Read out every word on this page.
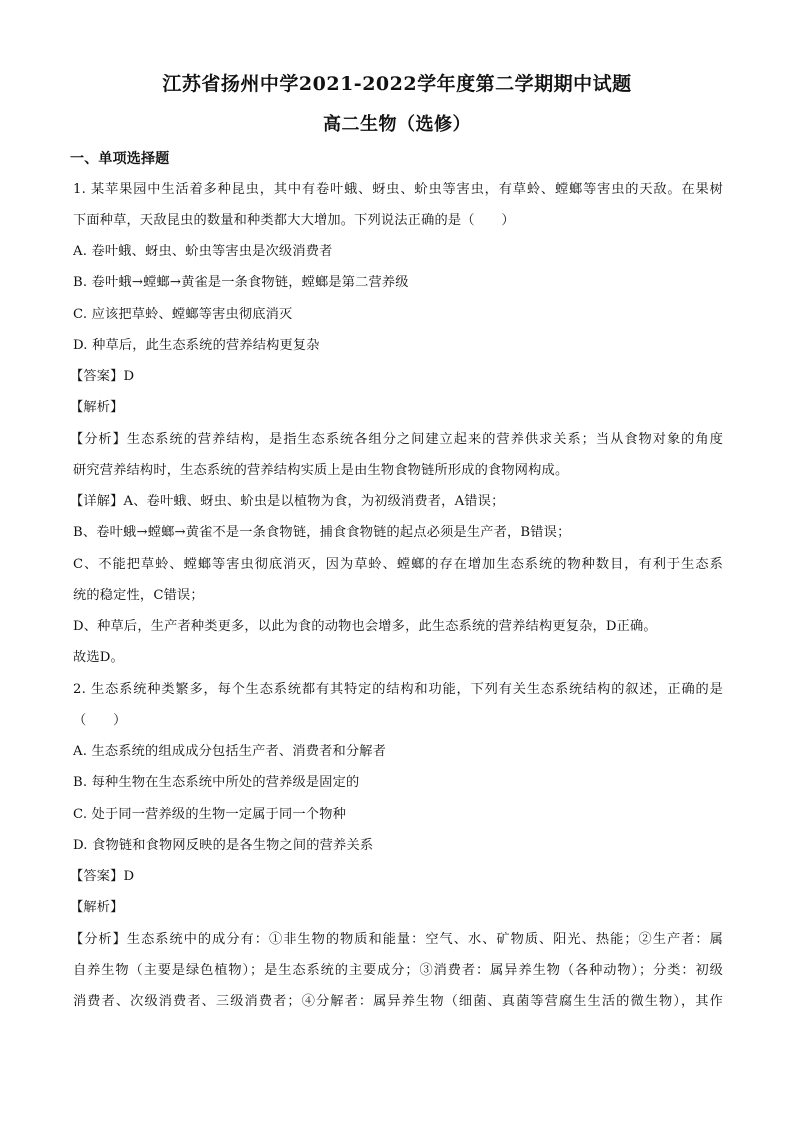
江苏省扬州中学2021-2022学年度第二学期期中试题
高二生物（选修）
一、单项选择题
1. 某苹果园中生活着多种昆虫，其中有卷叶蛾、蚜虫、蚧虫等害虫，有草蛉、螳螂等害虫的天敌。在果树
下面种草，天敌昆虫的数量和种类都大大增加。下列说法正确的是（　　）
A. 卷叶蛾、蚜虫、蚧虫等害虫是次级消费者
B. 卷叶蛾→螳螂→黄雀是一条食物链，螳螂是第二营养级
C. 应该把草蛉、螳螂等害虫彻底消灭
D. 种草后，此生态系统的营养结构更复杂
【答案】D
【解析】
【分析】生态系统的营养结构，是指生态系统各组分之间建立起来的营养供求关系；当从食物对象的角度
研究营养结构时，生态系统的营养结构实质上是由生物食物链所形成的食物网构成。
【详解】A、卷叶蛾、蚜虫、蚧虫是以植物为食，为初级消费者，A错误；
B、卷叶蛾→螳螂→黄雀不是一条食物链，捕食食物链的起点必须是生产者，B错误；
C、不能把草蛉、螳螂等害虫彻底消灭，因为草蛉、螳螂的存在增加生态系统的物种数目，有利于生态系
统的稳定性，C错误；
D、种草后，生产者种类更多，以此为食的动物也会增多，此生态系统的营养结构更复杂，D正确。
故选D。
2. 生态系统种类繁多，每个生态系统都有其特定的结构和功能，下列有关生态系统结构的叙述，正确的是
（　　）
A. 生态系统的组成成分包括生产者、消费者和分解者
B. 每种生物在生态系统中所处的营养级是固定的
C. 处于同一营养级的生物一定属于同一个物种
D. 食物链和食物网反映的是各生物之间的营养关系
【答案】D
【解析】
【分析】生态系统中的成分有：①非生物的物质和能量：空气、水、矿物质、阳光、热能；②生产者：属
自养生物（主要是绿色植物）；是生态系统的主要成分；③消费者：属异养生物（各种动物）；分类：初级
消费者、次级消费者、三级消费者；④分解者：属异养生物（细菌、真菌等营腐生生活的微生物），其作
